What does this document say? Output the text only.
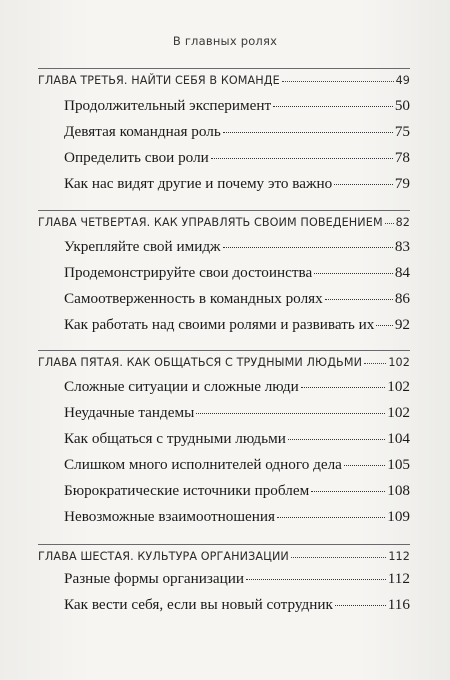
В главных ролях
ГЛАВА ТРЕТЬЯ. НАЙТИ СЕБЯ В КОМАНДЕ	49
Продолжительный эксперимент	50
Девятая командная роль	75
Определить свои роли	78
Как нас видят другие и почему это важно	79
ГЛАВА ЧЕТВЕРТАЯ. КАК УПРАВЛЯТЬ СВОИМ ПОВЕДЕНИЕМ 82
Укрепляйте свой имидж	83
Продемонстрируйте свои достоинства	84
Самоотверженность в командных ролях	86
Как работать над своими ролями и развивать их 92
ГЛАВА ПЯТАЯ. КАК ОБЩАТЬСЯ С ТРУДНЫМИ ЛЮДЬМИ 102
Сложные ситуации и сложные люди	102
Неудачные тандемы	102
Как общаться с трудными людьми	104
Слишком много исполнителей одного дела	105
Бюрократические источники проблем	108
Невозможные взаимоотношения	109
ГЛАВА ШЕСТАЯ. КУЛЬТУРА ОРГАНИЗАЦИИ	112
Разные формы организации	112
Как вести себя, если вы новый сотрудник	116
